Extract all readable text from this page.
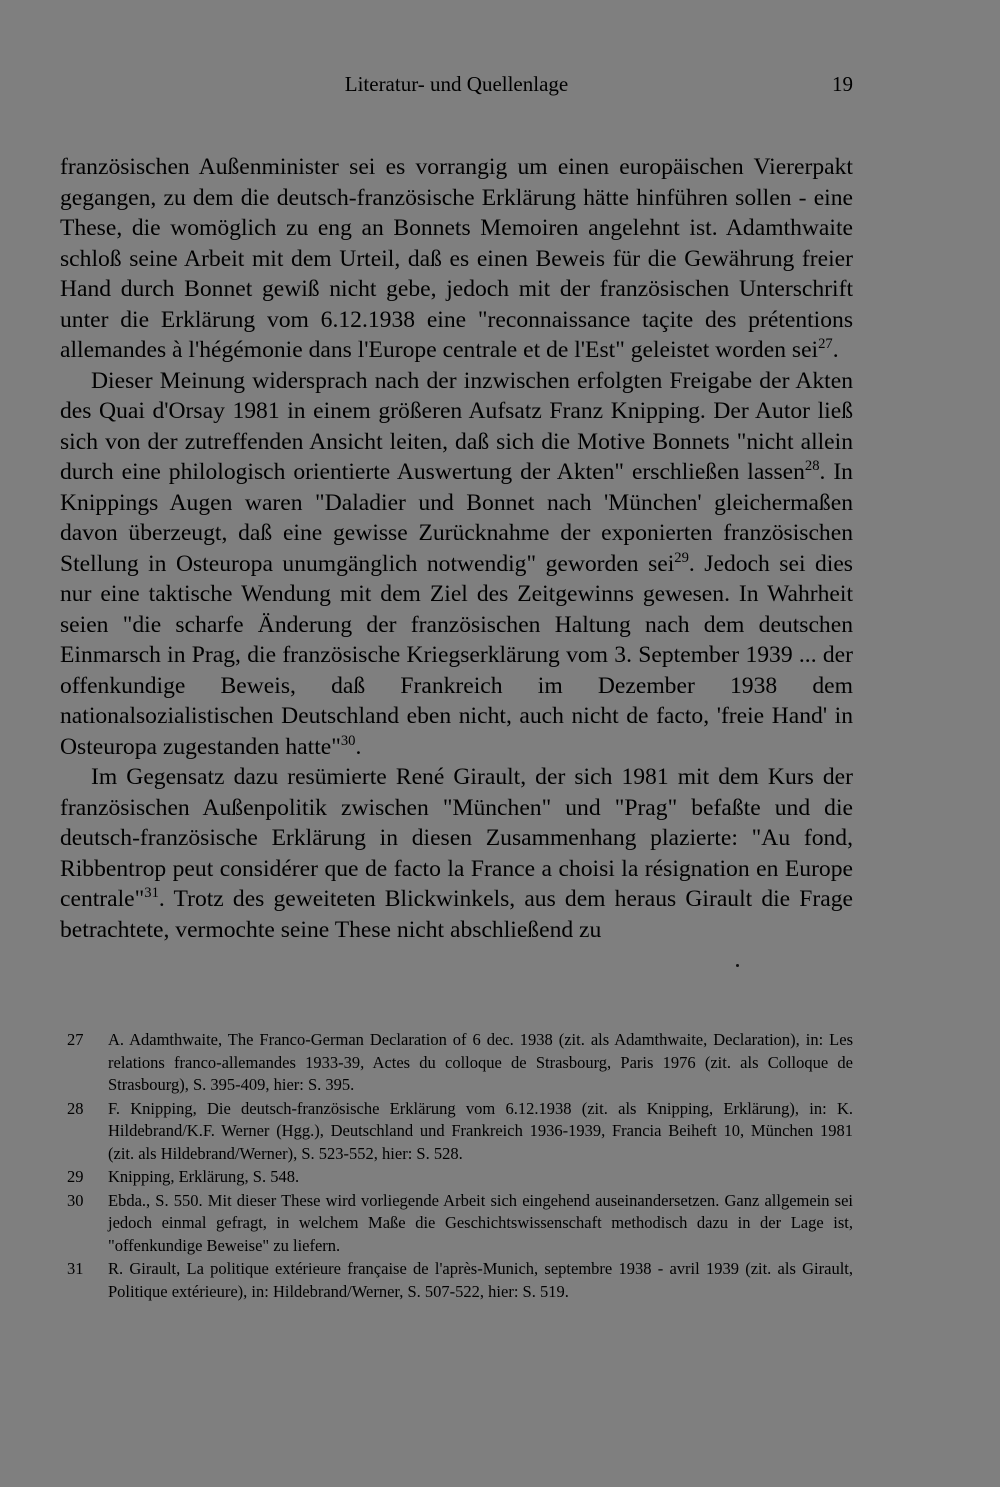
Literatur- und Quellenlage	19

französischen Außenminister sei es vorrangig um einen europäischen Viererpakt gegangen, zu dem die deutsch-französische Erklärung hätte hinführen sollen - eine These, die womöglich zu eng an Bonnets Memoiren angelehnt ist. Adamthwaite schloß seine Arbeit mit dem Urteil, daß es einen Beweis für die Gewährung freier Hand durch Bonnet gewiß nicht gebe, jedoch mit der französischen Unterschrift unter die Erklärung vom 6.12.1938 eine "reconnaissance taçite des prétentions allemandes à l'hégémonie dans l'Europe centrale et de l'Est" geleistet worden sei$^{27}$.

Dieser Meinung widersprach nach der inzwischen erfolgten Freigabe der Akten des Quai d'Orsay 1981 in einem größeren Aufsatz Franz Knipping. Der Autor ließ sich von der zutreffenden Ansicht leiten, daß sich die Motive Bonnets "nicht allein durch eine philologisch orientierte Auswertung der Akten" erschließen lassen$^{28}$. In Knippings Augen waren "Daladier und Bonnet nach 'München' gleichermaßen davon überzeugt, daß eine gewisse Zurücknahme der exponierten französischen Stellung in Osteuropa unumgänglich notwendig" geworden sei$^{29}$. Jedoch sei dies nur eine taktische Wendung mit dem Ziel des Zeitgewinns gewesen. In Wahrheit seien "die scharfe Änderung der französischen Haltung nach dem deutschen Einmarsch in Prag, die französische Kriegserklärung vom 3. September 1939 ... der offenkundige Beweis, daß Frankreich im Dezember 1938 dem nationalsozialistischen Deutschland eben nicht, auch nicht de facto, 'freie Hand' in Osteuropa zugestanden hatte"$^{30}$.

Im Gegensatz dazu resümierte René Girault, der sich 1981 mit dem Kurs der französischen Außenpolitik zwischen "München" und "Prag" befaßte und die deutsch-französische Erklärung in diesen Zusammenhang plazierte: "Au fond, Ribbentrop peut considérer que de facto la France a choisi la résignation en Europe centrale"$^{31}$. Trotz des geweiteten Blickwinkels, aus dem heraus Girault die Frage betrachtete, vermochte seine These nicht abschließend zu

27 A. Adamthwaite, The Franco-German Declaration of 6 dec. 1938 (zit. als Adamthwaite, Declaration), in: Les relations franco-allemandes 1933-39, Actes du colloque de Strasbourg, Paris 1976 (zit. als Colloque de Strasbourg), S. 395-409, hier: S. 395.
28 F. Knipping, Die deutsch-französische Erklärung vom 6.12.1938 (zit. als Knipping, Erklärung), in: K. Hildebrand/K.F. Werner (Hgg.), Deutschland und Frankreich 1936-1939, Francia Beiheft 10, München 1981 (zit. als Hildebrand/Werner), S. 523-552, hier: S. 528.
29 Knipping, Erklärung, S. 548.
30 Ebda., S. 550. Mit dieser These wird vorliegende Arbeit sich eingehend auseinandersetzen. Ganz allgemein sei jedoch einmal gefragt, in welchem Maße die Geschichtswissenschaft methodisch dazu in der Lage ist, "offenkundige Beweise" zu liefern.
31 R. Girault, La politique extérieure française de l'après-Munich, septembre 1938 - avril 1939 (zit. als Girault, Politique extérieure), in: Hildebrand/Werner, S. 507-522, hier: S. 519.
